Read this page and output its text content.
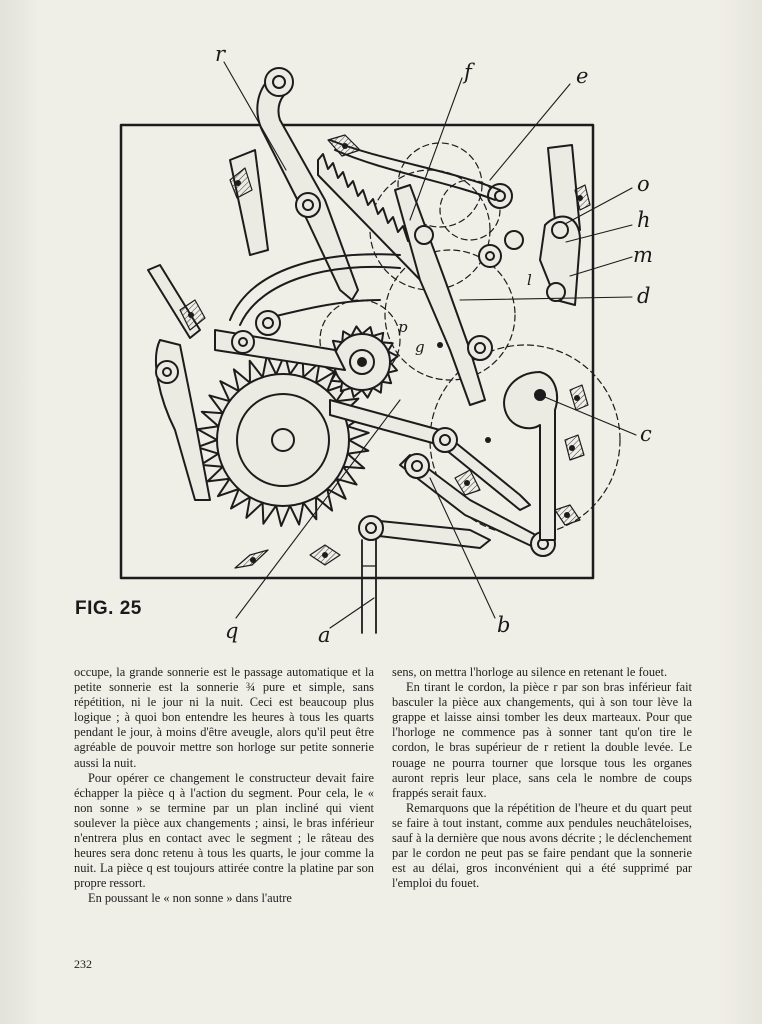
r
f	e
o
h
m
l
d
p
g
c
b
a
q
FIG. 25

occupe, la grande sonnerie est le passage automatique et la petite sonnerie est la sonnerie ¾ pure et simple, sans répétition, ni le jour ni la nuit. Ceci est beaucoup plus logique ; à quoi bon entendre les heures à tous les quarts pendant le jour, à moins d'être aveugle, alors qu'il peut être agréable de pouvoir mettre son horloge sur petite sonnerie aussi la nuit.

Pour opérer ce changement le constructeur devait faire échapper la pièce q à l'action du segment. Pour cela, le « non sonne » se termine par un plan incliné qui vient soulever la pièce aux changements ; ainsi, le bras inférieur n'entrera plus en contact avec le segment ; le râteau des heures sera donc retenu à tous les quarts, le jour comme la nuit. La pièce q est toujours attirée contre la platine par son propre ressort.

En poussant le « non sonne » dans l'autre

sens, on mettra l'horloge au silence en retenant le fouet.

En tirant le cordon, la pièce r par son bras inférieur fait basculer la pièce aux changements, qui à son tour lève la grappe et laisse ainsi tomber les deux marteaux. Pour que l'horloge ne commence pas à sonner tant qu'on tire le cordon, le bras supérieur de r retient la double levée. Le rouage ne pourra tourner que lorsque tous les organes auront repris leur place, sans cela le nombre de coups frappés serait faux.

Remarquons que la répétition de l'heure et du quart peut se faire à tout instant, comme aux pendules neuchâteloises, sauf à la dernière que nous avons décrite ; le déclenchement par le cordon ne peut pas se faire pendant que la sonnerie est au délai, gros inconvénient qui a été supprimé par l'emploi du fouet.

232
